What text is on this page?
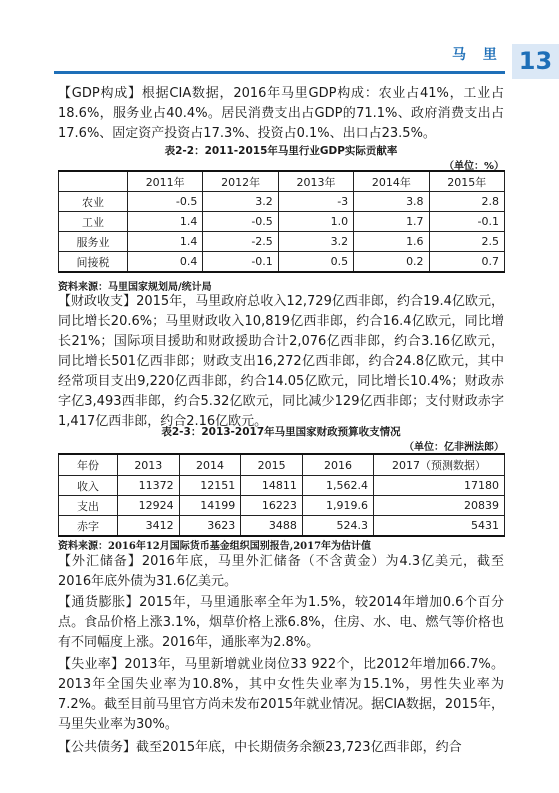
马 里 13
【GDP构成】根据CIA数据，2016年马里GDP构成：农业占41%，工业占18.6%，服务业占40.4%。居民消费支出占GDP的71.1%、政府消费支出占17.6%、固定资产投资占17.3%、投资占0.1%、出口占23.5%。
表2-2：2011-2015年马里行业GDP实际贡献率
（单位：%）
	2011年	2012年	2013年	2014年	2015年
农业	-0.5	3.2	-3	3.8	2.8
工业	1.4	-0.5	1.0	1.7	-0.1
服务业	1.4	-2.5	3.2	1.6	2.5
间接税	0.4	-0.1	0.5	0.2	0.7
资料来源：马里国家规划局/统计局
【财政收支】2015年，马里政府总收入12,729亿西非郎，约合19.4亿欧元，同比增长20.6%；马里财政收入10,819亿西非郎，约合16.4亿欧元，同比增长21%；国际项目援助和财政援助合计2,076亿西非郎，约合3.16亿欧元，同比增长501亿西非郎；财政支出16,272亿西非郎，约合24.8亿欧元，其中经常项目支出9,220亿西非郎，约合14.05亿欧元，同比增长10.4%；财政赤字亿3,493西非郎，约合5.32亿欧元，同比减少129亿西非郎；支付财政赤字1,417亿西非郎，约合2.16亿欧元。
表2-3：2013-2017年马里国家财政预算收支情况
（单位：亿非洲法郎）
年份	2013	2014	2015	2016	2017（预测数据）
收入	11372	12151	14811	1,562.4	17180
支出	12924	14199	16223	1,919.6	20839
赤字	3412	3623	3488	524.3	5431
资料来源：2016年12月国际货币基金组织国别报告,2017年为估计值
【外汇储备】2016年底，马里外汇储备（不含黄金）为4.3亿美元，截至2016年底外债为31.6亿美元。
【通货膨胀】2015年，马里通胀率全年为1.5%，较2014年增加0.6个百分点。食品价格上涨3.1%，烟草价格上涨6.8%，住房、水、电、燃气等价格也有不同幅度上涨。2016年，通胀率为2.8%。
【失业率】2013年，马里新增就业岗位33 922个，比2012年增加66.7%。2013年全国失业率为10.8%，其中女性失业率为15.1%，男性失业率为7.2%。截至目前马里官方尚未发布2015年就业情况。据CIA数据，2015年，马里失业率为30%。
【公共债务】截至2015年底，中长期债务余额23,723亿西非郎，约合
